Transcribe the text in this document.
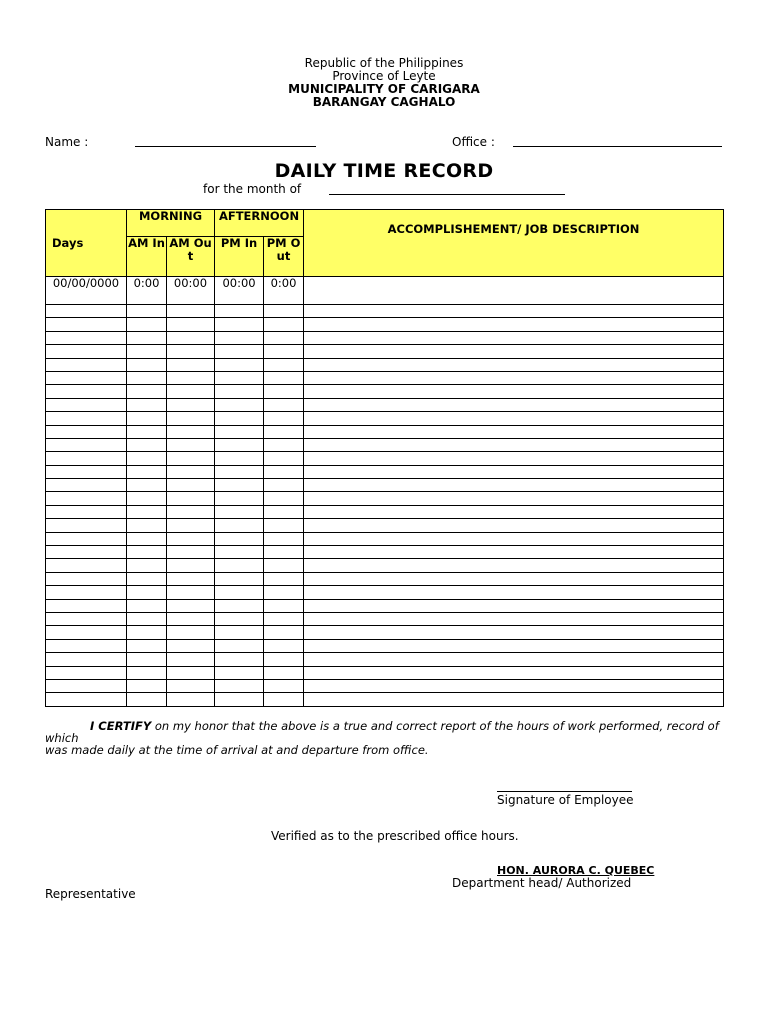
Republic of the Philippines
Province of Leyte
MUNICIPALITY OF CARIGARA
BARANGAY CAGHALO
Name :	Office :
DAILY TIME RECORD
for the month of
Days	MORNING		AFTERNOON		ACCOMPLISHEMENT/ JOB DESCRIPTION
	AM In	AM Out	PM In	PM Out	
00/00/0000	0:00	00:00	00:00	0:00	

I CERTIFY on my honor that the above is a true and correct report of the hours of work performed, record of which
was made daily at the time of arrival at and departure from office.
Signature of Employee
Verified as to the prescribed office hours.
HON. AURORA C. QUEBEC
Department head/ Authorized
Representative
